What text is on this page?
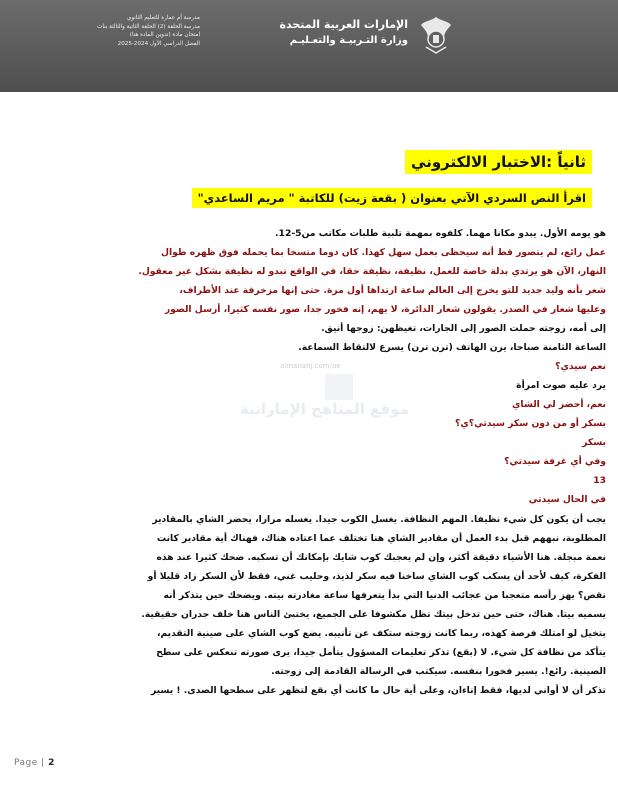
مدرسة أم عمارة للتعليم الثانوي
مدرسة الحلقة (2) الحلقة الثانية والثالثة بنات
امتحان مادة (تدوين المادة هنا)
الفصل الدراسي الأول 2024-2025
الإمارات العربية المتحدة
وزارة التـربيـة والتعـليـم
ثانياً :الاختبار الالكتروني
اقرأ النص السردي الآتي بعنوان ( بقعة زيت) للكاتبة " مريم الساعدي"
هو يومه الأول. يبدو مكانا مهما. كلفوه بمهمة تلبية طلبات مكاتب من5-12.
عمل رائع، لم يتصور قط أنه سيحظى بعمل سهل كهذا. كان دوما متسخا بما يحمله فوق ظهره طوال
النهار، الآن هو يرتدي بدلة خاصة للعمل، نظيفة، نظيفة حقا، في الواقع تبدو له نظيفة بشكل غير معقول.
شعر بأنه وليد جديد للتو يخرج إلى العالم ساعة ارتداها أول مرة. حتى إنها مزخرفة عند الأطراف،
وعليها شعار في الصدر. يقولون شعار الدائرة، لا يهم، إنه فخور جدا، صور نفسه كثيرا، أرسل الصور
إلى أمه، زوجته حملت الصور إلى الجارات، تغيظهن: زوجها أنيق.
الساعة الثامنة صباحا، يرن الهاتف (ترن ترن) يسرع لالتقاط السماعة.
نعم سيدي؟
يرد عليه صوت امرأة
نعم، أحضر لي الشاي
بسكر أو من دون سكر سيدتي؟ي؟
بسكر
وفي أي غرفة سيدتي؟
13
في الحال سيدتي
almanahj.com/ae
موقع المناهج الإماراتية
يجب أن يكون كل شيء نظيفا. المهم النظافة. يغسل الكوب جيدا. يغسله مرارا، يحضر الشاي بالمقادير
المطلوبة، نبههم قبل بدء العمل أن مقادير الشاي هنا تختلف عما اعتاده هناك، فهناك أية مقادير كانت
نعمة مبجلة. هنا الأشياء دقيقة أكثر، وإن لم يعجبك كوب شايك بإمكانك أن تسكبه. ضحك كثيرا عند هذه
الفكرة، كيف لأحد أن يسكب كوب الشاي ساخنا فيه سكر لذيذ، وحليب غني، فقط لأن السكر زاد قليلا أو
نقص؟ يهز رأسه متعجبا من عجائب الدنيا التي بدأ يتعرفها ساعة مغادرته بيته. ويضحك حين يتذكر أنه
يسميه بيتا. هناك، حتى حين تدخل بيتك تظل مكشوفا على الجميع، يختبئ الناس هنا خلف جدران حقيقية.
يتخيل لو امتلك فرصة كهذه، ربما كانت زوجته ستكف عن تأنيبه. يضع كوب الشاي على صينية التقديم،
يتأكد من نظافة كل شيء. لا (بقع) تذكر تعليمات المسؤول يتأمل جيدا، يرى صورته تنعكس على سطح
الصينية. رائع!. يسير فخورا بنفسه. سيكتب في الرسالة القادمة إلى زوجته.
تذكر أن لا أواني لديها، فقط إناءان، وعلى أية حال ما كانت أي بقع لتظهر على سطحها الصدى. ! يسير
Page | 2
